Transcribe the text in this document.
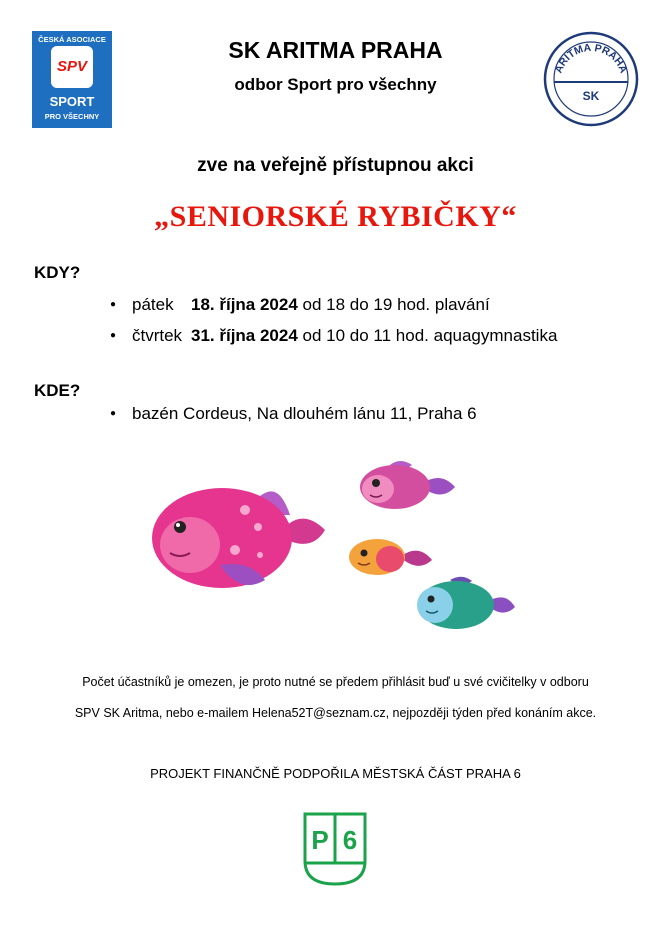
ČESKÁ ASOCIACE
SPV
SPORT
PRO VŠECHNY
SK ARITMA PRAHA
odbor Sport pro všechny
ARITMA PRAHA
SK
zve na veřejně přístupnou akci
„SENIORSKÉ RYBIČKY“
KDY?
● pátek 18. října 2024 od 18 do 19 hod. plavání
● čtvrtek 31. října 2024 od 10 do 11 hod. aquagymnastika
KDE?
● bazén Cordeus, Na dlouhém lánu 11, Praha 6
Počet účastníků je omezen, je proto nutné se předem přihlásit buď u své cvičitelky v odboru
SPV SK Aritma, nebo e-mailem Helena52T@seznam.cz, nejpozději týden před konáním akce.
PROJEKT FINANČNĚ PODPOŘILA MĚSTSKÁ ČÁST PRAHA 6
P 6
